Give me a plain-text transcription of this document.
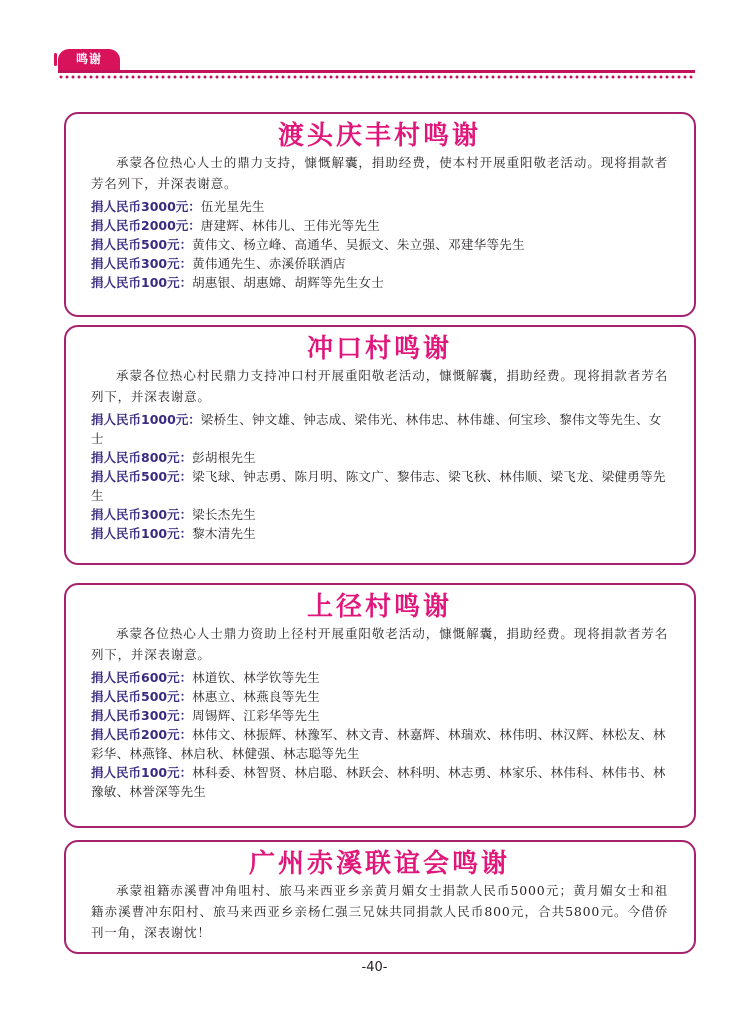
鸣谢
渡头庆丰村鸣谢

承蒙各位热心人士的鼎力支持，慷慨解囊，捐助经费，使本村开展重阳敬老活动。现将捐款者芳名列下，并深表谢意。

捐人民币3000元：伍光星先生

捐人民币2000元：唐建辉、林伟儿、王伟光等先生

捐人民币500元：黄伟文、杨立峰、高通华、吴振文、朱立强、邓建华等先生

捐人民币300元：黄伟通先生、赤溪侨联酒店

捐人民币100元：胡惠银、胡惠嫦、胡辉等先生女士

冲口村鸣谢

承蒙各位热心村民鼎力支持冲口村开展重阳敬老活动，慷慨解囊，捐助经费。现将捐款者芳名列下，并深表谢意。

捐人民币1000元：梁桥生、钟文雄、钟志成、梁伟光、林伟忠、林伟雄、何宝珍、黎伟文等先生、女士

捐人民币800元：彭胡根先生

捐人民币500元：梁飞球、钟志勇、陈月明、陈文广、黎伟志、梁飞秋、林伟顺、梁飞龙、梁健勇等先生

捐人民币300元：梁长杰先生

捐人民币100元：黎木清先生

上径村鸣谢

承蒙各位热心人士鼎力资助上径村开展重阳敬老活动，慷慨解囊，捐助经费。现将捐款者芳名列下，并深表谢意。

捐人民币600元：林道钦、林学钦等先生

捐人民币500元：林惠立、林燕良等先生

捐人民币300元：周锡辉、江彩华等先生

捐人民币200元：林伟文、林振辉、林豫军、林文青、林嘉辉、林瑞欢、林伟明、林汉辉、林松友、林彩华、林燕锋、林启秋、林健强、林志聪等先生

捐人民币100元：林科委、林智贤、林启聪、林跃会、林科明、林志勇、林家乐、林伟科、林伟书、林豫敏、林誉深等先生

广州赤溪联谊会鸣谢

承蒙祖籍赤溪曹冲角咀村、旅马来西亚乡亲黄月媚女士捐款人民币5000元；黄月媚女士和祖籍赤溪曹冲东阳村、旅马来西亚乡亲杨仁强三兄妹共同捐款人民币800元，合共5800元。今借侨刊一角，深表谢忱！

-40-
